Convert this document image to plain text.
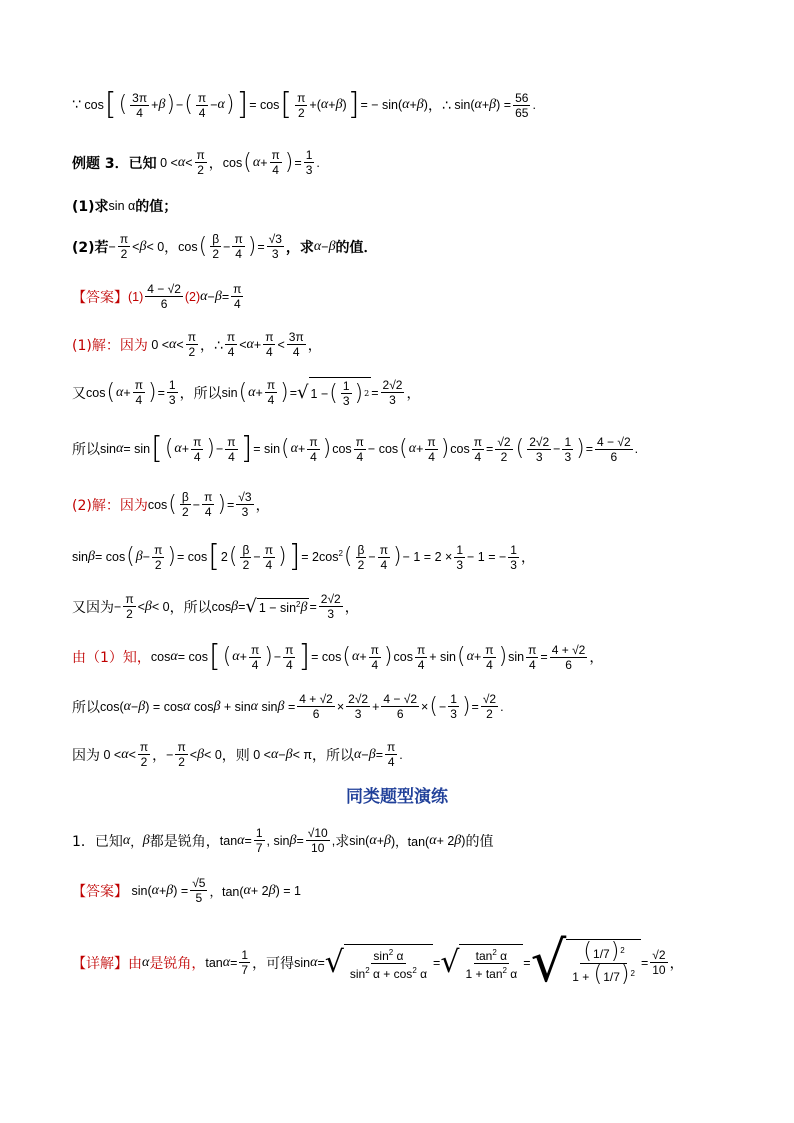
∵ cos [ ( $\frac{3\pi}{4} + \beta$ ) − ( $\frac{\pi}{4} - \alpha$ ) ] = cos [ $\frac{\pi}{2}$ +( α + β ) ] = − sin( α + β ) ，∴ sin( α + β ) = $\frac{56}{65}$ .
例题 3．已知 $0 < \alpha < \frac{\pi}{2}$ ， cos ( $\alpha + \frac{\pi}{4}$ ) = $\frac{1}{3}$ .
(1)求 sin α 的值；
(2)若 − $\frac{\pi}{2} < \beta < 0$ ， cos ( $\frac{\beta}{2} - \frac{\pi}{4}$ ) = $\frac{√3}{3}$ ，求 α − β 的值．
【答案】 $(1) \frac{4 - √2}{6} (2) \alpha - \beta = \frac{\pi}{4}$
(1)解：因为 $0 < \alpha < \frac{\pi}{2}$ ，∴ $\frac{\pi}{4} < \alpha + \frac{\pi}{4} < \frac{3\pi}{4}$ ，
又 cos ( $\alpha + \frac{\pi}{4}$ ) = $\frac{1}{3}$ ，所以 sin ( $\alpha + \frac{\pi}{4}$ ) = √ 1 − ( $\frac{1}{3}$ ) $2 = \frac{2√2}{3}$ ，
所以 sin α = sin [ ( $\alpha + \frac{\pi}{4}$ ) − $\frac{\pi}{4}$ ] = sin ( $\alpha + \frac{\pi}{4}$ ) $\cos \frac{\pi}{4} - \cos$ ( $\alpha + \frac{\pi}{4}$ ) $\cos \frac{\pi}{4} = \frac{√2}{2}$ ( $\frac{2√2}{3} - \frac{1}{3}$ ) = $\frac{4 - √2}{6}$ .
(2)解：因为 cos ( $\frac{\beta}{2} - \frac{\pi}{4}$ ) = $\frac{√3}{3}$ ，
sin β = cos ( $\beta - \frac{\pi}{2}$ ) = cos [ 2 ( $\frac{\beta}{2} - \frac{\pi}{4}$ ) ] = $2\cos^2$ ( $\frac{\beta}{2} - \frac{\pi}{4}$ ) − $1 = 2 \times \frac{1}{3} - 1$ = − $\frac{1}{3}$ ，
又因为 − $\frac{\pi}{2} < \beta < 0$ ，所以 cos β = √ $1 - \sin^2 \beta = \frac{2√2}{3}$ ，
由（1）知， cos α = cos [ ( $\alpha + \frac{\pi}{4}$ ) − $\frac{\pi}{4}$ ] = cos ( $\alpha + \frac{\pi}{4}$ ) $\cos \frac{\pi}{4} + \sin$ ( $\alpha + \frac{\pi}{4}$ ) $\sin \frac{\pi}{4} = \frac{4 + √2}{6}$ ，
所以 cos( α − β ) = cos α cos β + sin α $\sin \beta = \frac{4 + √2}{6} \times \frac{2√2}{3} + \frac{4 - √2}{6}$ × ( − $\frac{1}{3}$ ) = $\frac{√2}{2}$ .
因为 $0 < \alpha < \frac{\pi}{2}$ ， − $\frac{\pi}{2} < \beta < 0$ ，则 0 < α − β < π ，所以 $\alpha - \beta = \frac{\pi}{4}$ .
同类题型演练
1．已知 α ， β 都是锐角， $\tan \alpha = \frac{1}{7}$ , $\sin \beta = \frac{√10}{10}$ , 求 sin( α + β )，tan( α + 2 β ) 的值
【答案】 sin( α + β ) = $\frac{√5}{5}$ ，tan( α + 2 β ) = 1
【详解】 由 α 是锐角， $\tan \alpha = \frac{1}{7}$ ，可得 sin α = √ $\frac{\sin^2 \alpha}{\sin^2 \alpha + \cos^2 \alpha}$ = √ $\frac{\tan^2 \alpha}{1 + \tan^2 \alpha}$ = √ $\frac{(1/7)^2}{1 + (1/7)^2} = \frac{√2}{10}$ ，
